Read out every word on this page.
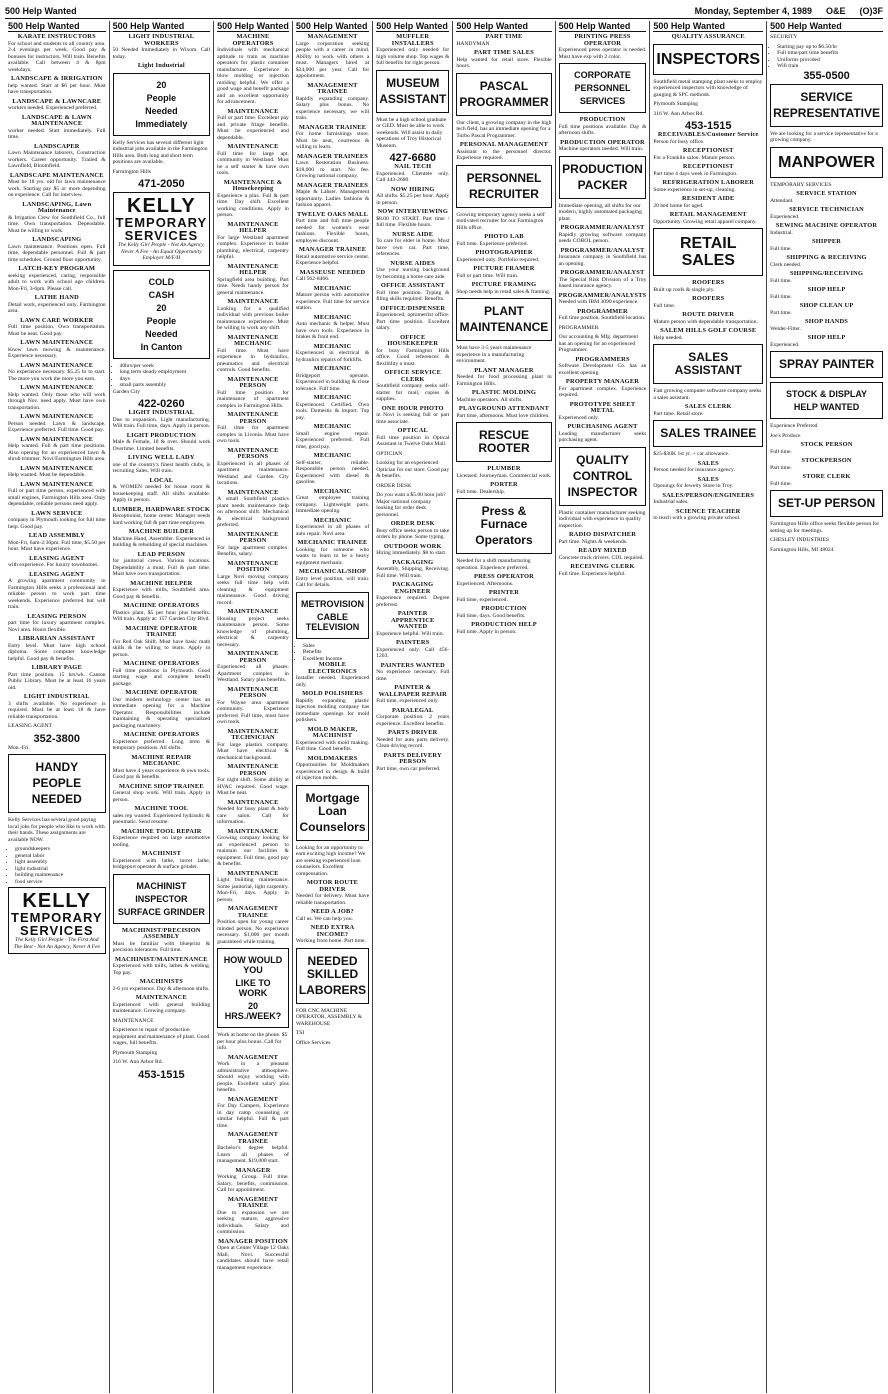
500 Help Wanted	Monday, September 4, 1989 O&E (O)3F
500 Help Wanted
KARATE INSTRUCTORS
For school and students to all country area. 2-4 evenings per week. Good pay & bonuses for instructors. Will train. Benefits available. Call between 4 & 8pm weekdays.
LANDSCAPE & IRRIGATION
help wanted. Start at $6 per hour. Must have transportation.
LANDSCAPE & LAWNCARE
workers needed. Experienced preferred.
LANDSCAPE & LAWN MAINTENANCE
worker needed. Start immediately. Full time.
LANDSCAPER
Lawn Maintenance laborers, Construction workers. Career opportunity. Trailed & Lawnfield, Bloomfield.
LANDSCAPE MAINTENANCE
Must be 18 yrs. old for lawn maintenance work. Starting pay $5 or more depending on experience. Call for interview.
LANDSCAPING, Lawn Maintenance
& Irrigation Crew for Southfield Co., full time. Own transportation. Dependable. Must be willing to work.
LANDSCAPING
Lawn maintenance. Positions open. Full time, dependable personnel. Full & part time schedules. Ground floor opportunity.
LATCH-KEY PROGRAM
seeking experienced, caring, responsible adult to work with school age children. Mon-Fri, 3-6pm. Please call.
LATHE HAND
Detail work, experienced only. Farmington area.
LAWN CARE WORKER
Full time position. Own transportation. Must be neat. Good pay.
LAWN MAINTENANCE
Know lawn mowing & maintenance. Experience necessary.
LAWN MAINTENANCE
No experience necessary. $5.25 hr to start. The more you work the more you earn.
LAWN MAINTENANCE
Help wanted. Only those who will work through Nov. need apply. Must have own transportation.
LAWN MAINTENANCE
Person needed. Lawn & landscape. Experience preferred. Full time. Good pay.
LAWN MAINTENANCE
Help wanted. Full & part time positions. Also opening for an experienced lawn & shrub trimmer. Novi/Farmington Hills area.
LAWN MAINTENANCE
Help wanted. Must be dependable.
LAWN MAINTENANCE
Full or part time person, experienced with small engines, Farmington Hills area. Only dependable, reliable persons need apply.
LAWN SERVICE
company in Plymouth looking for full time help. Good pay.
LEAD ASSEMBLY
Mon-Fri, 6am-2:30pm. Full time, $5.50 per hour. Must have experience.
LEASING AGENT
with experience. For luxury townhomes.
LEASING AGENT
A growing apartment community in Farmington Hills seeks a professional and reliable person to work part time weekends. Experience preferred but will train.
LEASING PERSON
part time for luxury apartment complex. Novi area. Hours flexible.
LIBRARIAN ASSISTANT
Entry level. Must have high school diploma. Some computer knowledge helpful. Good pay & benefits.
LIBRARY PAGE
Part time position. 15 hrs/wk. Canton Public Library. Must be at least 16 years old.
LIGHT INDUSTRIAL
3 shifts available. No experience is required. Must be at least 18 & have reliable transportation.
LEASING AGENT
352-3800
Mon.-Fri.
HANDY
PEOPLE
NEEDED
Kelly Services has several good paying local jobs for people who like to work with their hands. These assignments are available NOW.
• groundskeepers
• general labor
• light assembly
• light industrial
• building maintenance
• food service
KELLY
TEMPORARY
SERVICES
The Kelly Girl People - The First And The Best - Not An Agency, Never A Fee
500 Help Wanted
LIGHT INDUSTRIAL WORKERS
50 Needed Immediately in Wixom. Call today.
Light Industrial
20
People
Needed
Immediately
Kelly Services has several different light industrial jobs available in the Farmington Hills area. Both long and short term positions are available.
Farmington Hills
471-2050
KELLY
TEMPORARY
SERVICES
The Kelly Girl People - Not An Agency, Never A Fee - An Equal Opportunity Employer M/F/H
COLD
CASH
20
People
Needed
In Canton
• 40hrs/per week
• long term steady employment
• days
• small parts assembly
Garden City
422-0260
LIGHT INDUSTRIAL
Due to expansion. Light manufacturing. Will train. Full time, days. Apply in person.
LIGHT PRODUCTION
Male & Female, 18 & over. Should work Overtime. Limited benefits.
LIVING WELL LADY
one of the country's finest health clubs, is recruiting Sales. Will train.
LOCAL
& WOMEN needed for house room & housekeeping staff. All shifts available. Apply in person.
LUMBER, HARDWARE STOCK
Receptionist, home center. Manager needs hard working full & part time employees.
MACHINE BUILDER
Machine Hand, Assembler. Experienced in building & rebuilding of special machines.
LEAD PERSON
for janitorial crews. Various locations. Dependability a must. Full & part time. Must have own transportation.
MACHINE HELPER
Experience with mills, Southfield area. Good pay & benefits.
MACHINE OPERATORS
Plastics plant, $5 per hour plus benefits. Will train. Apply at: 157 Garden City Blvd.
MACHINE OPERATOR TRAINEE
For Red Oak Shift. Must have basic math skills & be willing to learn. Apply in person.
MACHINE OPERATORS
Full time positions in Plymouth. Good starting wage and complete benefit package.
MACHINE OPERATOR
Our modern technology center has an immediate opening for a Machine Operator. Responsibilities include maintaining & operating specialized packaging machinery.
MACHINE OPERATORS
Experience preferred. Long term & temporary positions. All shifts.
MACHINE REPAIR MECHANIC
Must have 4 years experience & own tools. Good pay & benefits.
MACHINE SHOP TRAINEE
General shop work. Will train. Apply in person.
MACHINE TOOL
sales rep wanted. Experienced hydraulic & pneumatic. Send resume.
MACHINE TOOL REPAIR
Experience required on large automotive tooling.
MACHINIST
Experienced with lathe, turret lathe, bridgeport operator & surface grinder.
MACHINIST
INSPECTOR
SURFACE GRINDER
MACHINIST/PRECISION ASSEMBLY
Must be familiar with blueprint & precision tolerances. Full time.
MACHINIST/MAINTENANCE
Experienced with mills, lathes & welding. Top pay.
MACHINISTS
2-6 yrs experience. Day & afternoon shifts.
MAINTENANCE
Experienced with general building maintenance. Growing company.
MAINTENANCE
Experience in repair of production equipment and maintenance of plant. Good wages, full benefits.
Plymouth Stamping
316 W. Ann Arbor Rd.
453-1515
500 Help Wanted
MACHINE OPERATORS
Individuals with mechanical aptitude to train as machine operators for plastic container manufacturer. Experience in blow molding or injection molding helpful. We offer a good wage and benefit package and an excellent opportunity for advancement.
MAINTENANCE
Full or part time. Excellent pay and private fringe benefits. Must be experienced and dependable.
MAINTENANCE
Full time for large apt. community in Westland. Must be a self starter & have own tools.
MAINTENANCE & Housekeeping
Experience a plus. Full & part time. Day shift. Excellent working conditions. Apply in person.
MAINTENANCE HELPER
For large Westland apartment complex. Experience in boiler plumbing, electrical, carpentry helpful.
MAINTENANCE HELPER
Springfield area building. Part time. Needs handy person for general maintenance.
MAINTENANCE
Looking for a qualified individual with previous boiler maintenance experience. Must be willing to work any shift.
MAINTENANCE MECHANIC
Full time. Must have experience in hydraulics, pneumatics and electrical controls. Good benefits.
MAINTENANCE PERSON
Full time position for maintenance of apartment complex in Farmington Hills.
MAINTENANCE PERSON
Full time for apartment complex in Livonia. Must have own tools.
MAINTENANCE PERSONS
Experienced in all phases of apartment maintenance. Westland and Garden City locations.
MAINTENANCE
A small Southfield plastics plant needs maintenance help on afternoon shift. Mechanical & electrical background preferred.
MAINTENANCE PERSON
For large apartment complex. Benefits, salary.
MAINTENANCE POSITION
Large Novi moving company seeks full time help with cleaning & equipment maintenance. Good driving record.
MAINTENANCE
Housing project seeks maintenance person. Some knowledge of plumbing, electrical & carpentry necessary.
MAINTENANCE PERSON
Experienced all phases. Apartment complex in Westland. Salary plus benefits.
MAINTENANCE PERSON
For Wayne area apartment community. Experience preferred. Full time, must have own tools.
MAINTENANCE TECHNICIAN
For large plastics company. Must have electrical & mechanical background.
MAINTENANCE PERSON
For night shift. Some ability at HVAC required. Good wage. Must be neat.
MAINTENANCE
Needed for busy plant & body care salon. Call for information.
MAINTENANCE
Growing company looking for an experienced person to maintain our facilities & equipment. Full time, good pay & benefits.
MAINTENANCE
Light building maintenance. Some janitorial, light carpentry. Mon-Fri, days. Apply in person.
MANAGEMENT TRAINEE
Position open for young career minded person. No experience necessary. $1,000 per month guaranteed while training.
HOW WOULD YOU
LIKE TO WORK
20 HRS./WEEK?
Work at home on the phone. $5 per hour plus bonus. Call for info.
MANAGEMENT
Work in a pleasant administrative atmosphere. Should enjoy working with people. Excellent salary plus benefits.
MANAGEMENT
For Day Campers, Experience in day camp counseling or similar helpful. Full & part time.
MANAGEMENT TRAINEE
Bachelor's degree helpful. Learn all phases of management. $19,000 start.
MANAGER
Working Group. Full time. Salary, benefits, commission. Call for appointment.
MANAGEMENT TRAINEE
Due to expansion we are seeking mature, aggressive individuals. Salary and commission.
MANAGER POSITION
Open at Center Village 12 Oaks Mall, Novi. Successful candidates should have retail management experience.
500 Help Wanted
MANAGEMENT
Large corporation seeking people with a career in mind. Ability to work with others a must. Managers hired at $24,000 per year. Call for appointment.
MANAGEMENT TRAINEE
Rapidly expanding company. Salary plus bonus. No experience necessary, we will train.
MANAGER TRAINEE
For home furnishings store. Must be neat, courteous & willing to learn.
MANAGER TRAINEES
Lawn Restoration Business. $18,000 to start. No fee. Growing national company.
MANAGER TRAINEES
Maple & Lahser. Management opportunity. Ladies fashions & fashion apparel.
TWELVE OAKS MALL
Part time and full time people needed for women's wear fashions. Flexible hours, employee discount.
MANAGER TRAINEE
Retail automotive service center. Experience helpful.
MASSEUSE NEEDED
Call 562-8466.
MECHANIC
Mature person with automotive experience. Full time for service station.
MECHANIC
Auto mechanic & helper. Must have own tools. Experience in brakes & front end.
MECHANIC
Experienced in electrical & hydraulics repairs of forklifts.
MECHANIC
Bridgeport operator. Experienced in building & close tolerance. Full time.
MECHANIC
Experienced. Certified. Own tools. Domestic & import. Top pay.
MECHANIC
Small engine repair. Experienced preferred. Full time, good pay.
MECHANIC
Self-starter, reliable. Responsible person needed. Experienced with diesel & gasoline.
MECHANIC
Great employee training company. Lightweight parts. Immediate opening.
MECHANIC
Experienced in all phases of auto repair. Novi area.
MECHANIC TRAINEE
Looking for someone who wants to learn to be a heavy equipment mechanic.
MECHANICAL/SHOP
Entry level position, will train. Call for details.
METROVISION
CABLE TELEVISION
• Sales
• Benefits
• Excellent Income
MOBILE ELECTRONICS
Installer needed. Experienced only.
MOLD POLISHERS
Rapidly expanding plastic injection molding company has immediate openings for mold polishers.
MOLD MAKER, MACHINIST
Experienced with mold making. Full time. Good benefits.
MOLDMAKERS
Opportunities for Moldmakers experienced in design & build of injection molds.
Mortgage Loan
Counselors
Looking for an opportunity to earn exciting high income? We are seeking experienced loan counselors. Excellent compensation.
MOTOR ROUTE DRIVER
Needed for delivery. Must have reliable transportation.
NEED A JOB?
Call us. We can help you.
NEED EXTRA INCOME?
Working from home. Part time.
NEEDED SKILLED
LABORERS
FOR CNC MACHINE OPERATOR, ASSEMBLY & WAREHOUSE
TSI
Office Services
500 Help Wanted
MUFFLER INSTALLERS
Experienced only needed for high volume shop. Top wages & full benefits for right person.
MUSEUM
ASSISTANT
Must be a high school graduate or GED. Must be able to work weekends. Will assist in daily operations of Troy Historical Museum.
427-6680
NAIL TECH
Experienced. Clientele only. Call 443-2680.
NOW HIRING
All shifts. $5.25 per hour. Apply in person.
NOW INTERVIEWING
$8.00 TO START. Part time / full time. Flexible hours.
NURSE AIDE
To care for elder in home. Must have own car. Part time, references.
NURSE AIDES
Use your nursing background by becoming a home care aide.
OFFICE ASSISTANT
Full time position. Typing & filing skills required. Benefits.
OFFICE/DISPENSER
Experienced, optometrist office. Part time position. Excellent salary.
OFFICE HOUSEKEEPER
for busy Farmington Hills office. Good references & flexibility a must.
OFFICE SERVICE CLERK
Southfield company seeks self-starter for mail, copies & supplies.
ONE HOUR PHOTO
in Novi is seeking full or part time associate.
OPTICAL
Full time position in Optical Assistant in Twelve Oaks Mall.
OPTICIAN
Looking for an experienced Optician for our store. Good pay & benefits.
ORDER DESK
Do you want a $5.00 hour job? Major national company looking for order desk personnel.
ORDER DESK
Busy office seeks person to take orders by phone. Some typing.
OUTDOOR WORK
Hiring immediately. $8 to start.
PACKAGING
Assembly, Shipping, Receiving. Full time. Will train.
PACKAGING ENGINEER
Experience required. Degree preferred.
PAINTER APPRENTICE WANTED
Experience helpful. Will train.
PAINTERS
Experienced only. Call 456-1203.
PAINTERS WANTED
No experience necessary. Full time.
PAINTER & WALLPAPER REPAIR
Full time, experienced only.
PARALEGAL
Corporate position. 2 years experience. Excellent benefits.
PARTS DRIVER
Needed for auto parts delivery. Clean driving record.
PARTS DELIVERY PERSON
Part time, own car preferred.
500 Help Wanted
PART TIME
HANDYMAN
PART TIME SALES
Help wanted for retail store. Flexible hours.
PASCAL
PROGRAMMER
Our client, a growing company in the high tech field, has an immediate opening for a Turbo Pascal Programmer.
PERSONAL MANAGEMENT
Assistant to the personnel director. Experience required.
PERSONNEL
RECRUITER
Growing temporary agency seeks a self motivated recruiter for our Farmington Hills office.
PHOTO LAB
Full time. Experience preferred.
PHOTOGRAPHER
Experienced only. Portfolio required.
PICTURE FRAMER
Full or part time. Will train.
PICTURE FRAMING
Shop needs help in retail sales & framing.
PLANT
MAINTENANCE
Must have 3-5 years maintenance experience in a manufacturing environment.
PLANT MANAGER
Needed for food processing plant in Farmington Hills.
PLASTIC MOLDING
Machine operators. All shifts.
PLAYGROUND ATTENDANT
Part time, afternoons. Must love children.
RESCUE ROOTER
PLUMBER
Licensed. Journeyman. Commercial work.
PORTER
Full time. Dealership.
Press & Furnace
Operators
Needed for a shift manufacturing operation. Experience preferred.
PRESS OPERATOR
Experienced. Afternoons.
PRINTER
Full time, experienced.
PRODUCTION
Full time, days. Good benefits.
PRODUCTION HELP
Full time. Apply in person.
500 Help Wanted
PRINTING PRESS OPERATOR
Experienced press operator is needed. Must have exp with 2 color.
CORPORATE
PERSONNEL
SERVICES
PRODUCTION
Full time positions available. Day & afternoon shifts.
PRODUCTION OPERATOR
Machine operators needed. Will train.
PRODUCTION
PACKER
Immediate opening, all shifts for our modern, highly automated packaging plant.
PROGRAMMER/ANALYST
Rapidly growing software company needs COBOL person.
PROGRAMMER/ANALYST
Insurance company in Southfield has an opening.
PROGRAMMER/ANALYST
The Special Risk Division of a Troy based insurance agency.
PROGRAMMER/ANALYSTS
Needed with IBM 3090 experience.
PROGRAMMER
Full time position. Southfield location.
PROGRAMMER
Our accounting & Mfg. department has an opening for an experienced Programmer.
PROGRAMMERS
Software Development Co. has an excellent opening.
PROPERTY MANAGER
For apartment complex. Experience required.
PROTOTYPE SHEET METAL
Experienced only.
PURCHASING AGENT
Leading manufacturer seeks purchasing agent.
QUALITY
CONTROL
INSPECTOR
Plastic container manufacturer seeking individual with experience in quality inspection.
RADIO DISPATCHER
Part time. Nights & weekends.
READY MIXED
Concrete truck drivers. CDL required.
RECEIVING CLERK
Full time. Experience helpful.
500 Help Wanted
QUALITY ASSURANCE
INSPECTORS
Southfield metal stamping plant seeks to employ experienced inspectors with knowledge of gauging & SPC methods.
Plymouth Stamping
316 W. Ann Arbor Rd.
453-1515
RECEIVABLES/Customer Service
Person for busy office.
RECEPTIONIST
For a Franklin salon. Mature person.
RECEPTIONIST
Part time 4 days week in Farmington.
REFRIGERATION LABORER
Some experience in set-up, cleaning.
RESIDENT AIDE
20 bed home for aged.
RETAIL MANAGEMENT
Opportunity. Growing retail apparel company.
RETAIL SALES
ROOFERS
Built up roofs & single ply.
ROOFERS
Full time.
ROUTE DRIVER
Mature person with dependable transportation.
SALEM HILLS GOLF COURSE
Help needed.
SALES ASSISTANT
Fast growing computer software company seeks a sales assistant.
SALES CLERK
Part time. Retail store.
SALES TRAINEE
$25-$30K 1st yr. + car allowance.
SALES
Person needed for insurance agency.
SALES
Openings for Jewelry Store in Troy.
SALES/PERSON/ENGINEERS
Industrial sales.
SCIENCE TEACHER
to teach with a growing private school.
500 Help Wanted
SECURITY
• Starting pay up to $6.50/hr
• Full time/part time benefits
• Uniforms provided
• Will train
355-0500
SERVICE
REPRESENTATIVE
We are looking for a service representative for a growing company.
MANPOWER
TEMPORARY SERVICES
SERVICE STATION
Attendant.
SERVICE TECHNICIAN
Experienced.
SEWING MACHINE OPERATOR
Industrial.
SHIPPER
Full time.
SHIPPING & RECEIVING
Clerk needed.
SHIPPING/RECEIVING
Full time.
SHOP HELP
Full time.
SHOP CLEAN UP
Part time.
SHOP HANDS
Welder-Fitter.
SHOP HELP
Experienced.
SPRAY PAINTER
STOCK & DISPLAY
HELP WANTED
Experience Preferred
Joe's Produce
STOCK PERSON
Full time.
STOCKPERSON
Part time.
STORE CLERK
Full time.
SET-UP PERSON
Farmington Hills office seeks flexible person for setting up for meetings.
CHESLEY INDUSTRIES
Farmington Hills, MI 48024
